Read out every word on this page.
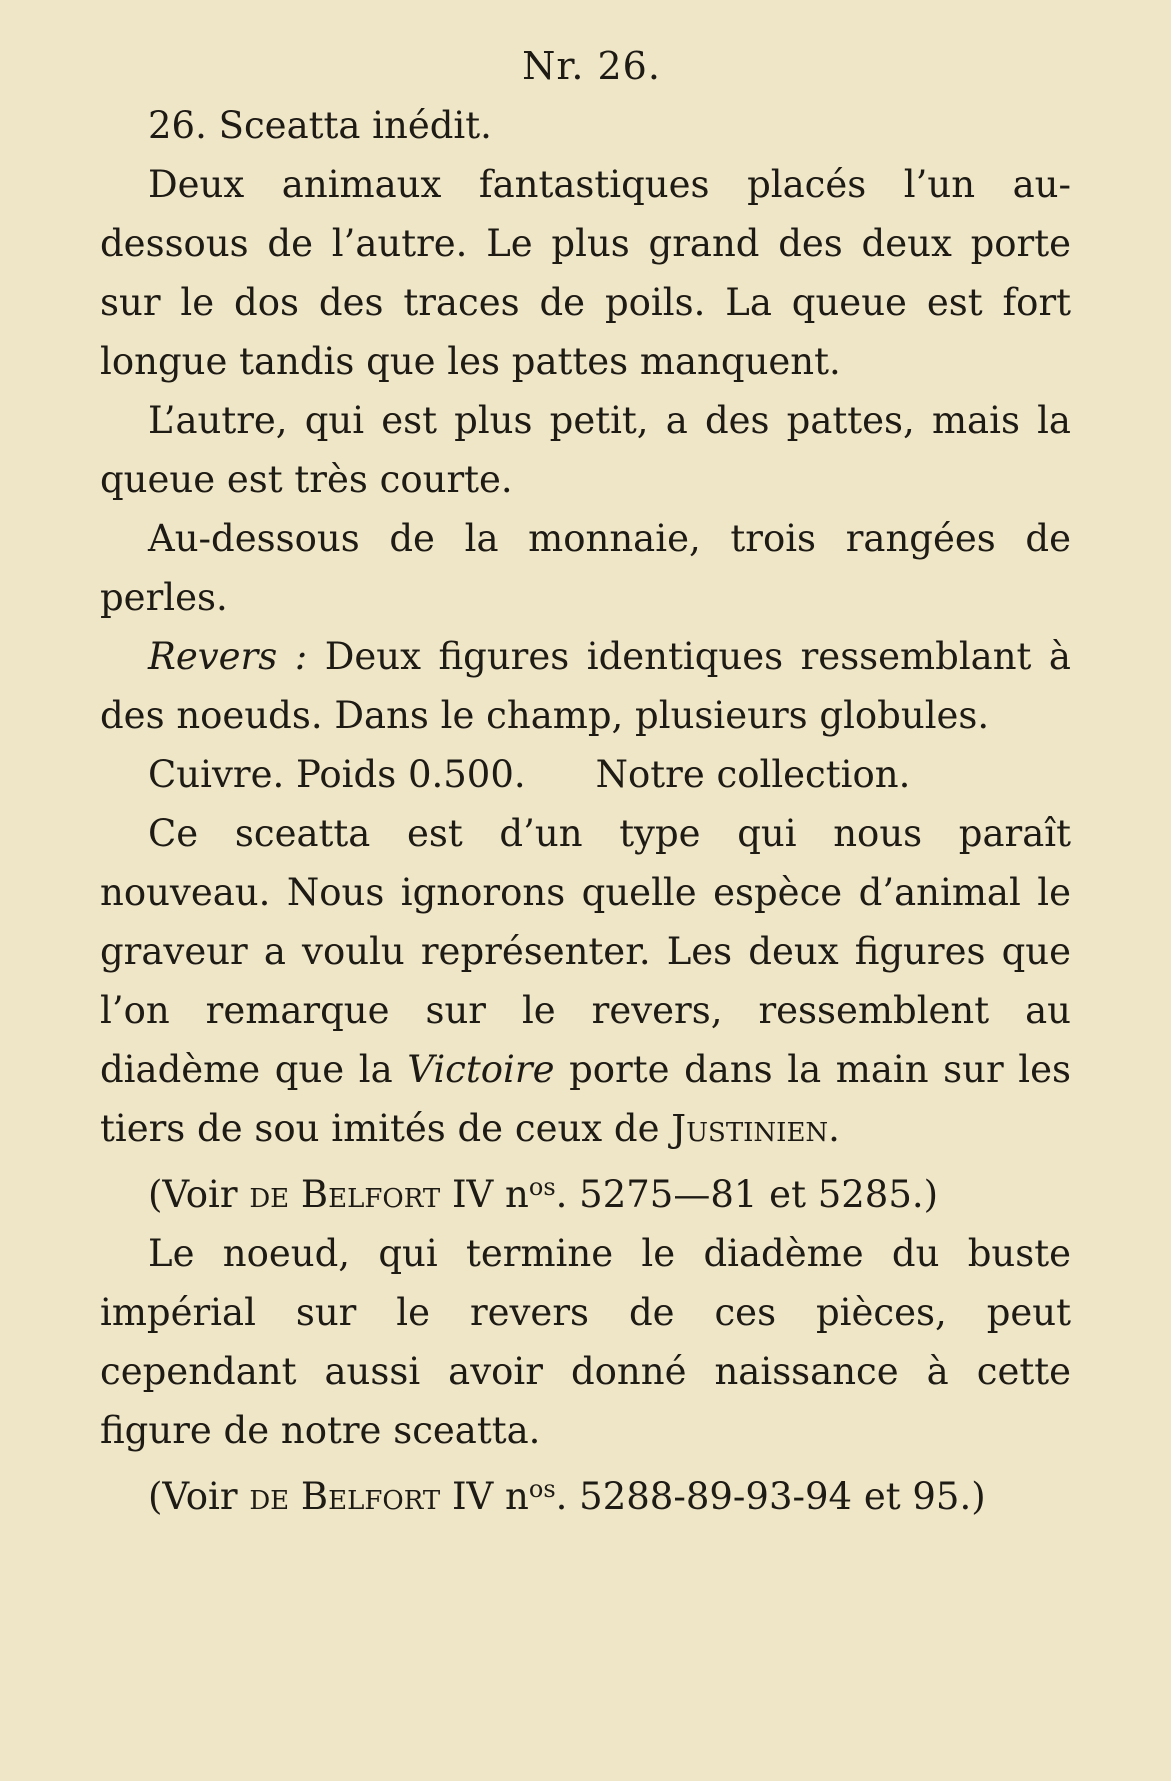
Nr. 26.

26. Sceatta inédit.

Deux animaux fantastiques placés l’un au-dessous de l’autre. Le plus grand des deux porte sur le dos des traces de poils. La queue est fort longue tandis que les pattes manquent.

L’autre, qui est plus petit, a des pattes, mais la queue est très courte.

Au-dessous de la monnaie, trois rangées de perles.

Revers : Deux figures identiques ressemblant à des noeuds. Dans le champ, plusieurs globules.

Cuivre. Poids 0.500. Notre collection.

Ce sceatta est d’un type qui nous paraît nouveau. Nous ignorons quelle espèce d’animal le graveur a voulu représenter. Les deux figures que l’on remarque sur le revers, ressemblent au diadème que la Victoire porte dans la main sur les tiers de sou imités de ceux de Justinien.

(Voir de Belfort IV $n^{os}$. 5275—81 et 5285.)

Le noeud, qui termine le diadème du buste impérial sur le revers de ces pièces, peut cependant aussi avoir donné naissance à cette figure de notre sceatta.

(Voir de Belfort IV $n^{os}$. 5288-89-93-94 et 95.)
